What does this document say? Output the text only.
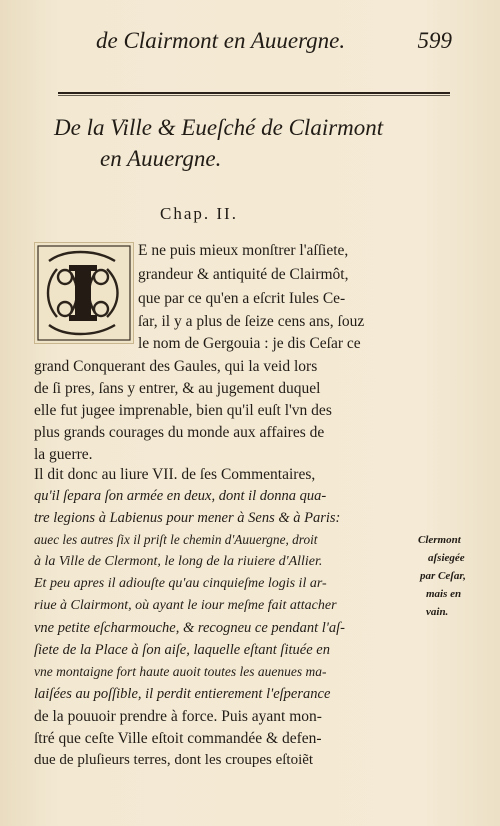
de Clairmont en Auuergne.	599
De la Ville & Eueſché de Clairmont
en Auuergne.
Chap. II.
E ne puis mieux monſtrer l'aſſiete,
grandeur & antiquité de Clairmôt,
que par ce qu'en a eſcrit Iules Ce-
ſar, il y a plus de ſeize cens ans, ſouz
le nom de Gergouia : je dis Ceſar ce
grand Conquerant des Gaules, qui la veid lors
de ſi pres, ſans y entrer, & au jugement duquel
elle fut jugee imprenable, bien qu'il euſt l'vn des
plus grands courages du monde aux affaires de
la guerre.
Il dit donc au liure VII. de ſes Commentaires,
qu'il ſepara ſon armée en deux, dont il donna qua-
tre legions à Labienus pour mener à Sens & à Paris:
auec les autres ſix il priſt le chemin d'Auuergne, droit
à la Ville de Clermont, le long de la riuiere d'Allier.
Et peu apres il adiouſte qu'au cinquieſme logis il ar-
riue à Clairmont, où ayant le iour meſme fait attacher
vne petite eſcharmouche, & recogneu ce pendant l'aſ-
ſiete de la Place à ſon aiſe, laquelle eſtant ſituée en
vne montaigne fort haute auoit toutes les auenues ma-
laiſées au poſſible, il perdit entierement l'eſperance
de la pouuoir prendre à force. Puis ayant mon-
ſtré que ceſte Ville eſtoit commandée & defen-
due de pluſieurs terres, dont les croupes eſtoiẽt
Clermont
aſsiegée
par Ceſar,
mais en
vain.
